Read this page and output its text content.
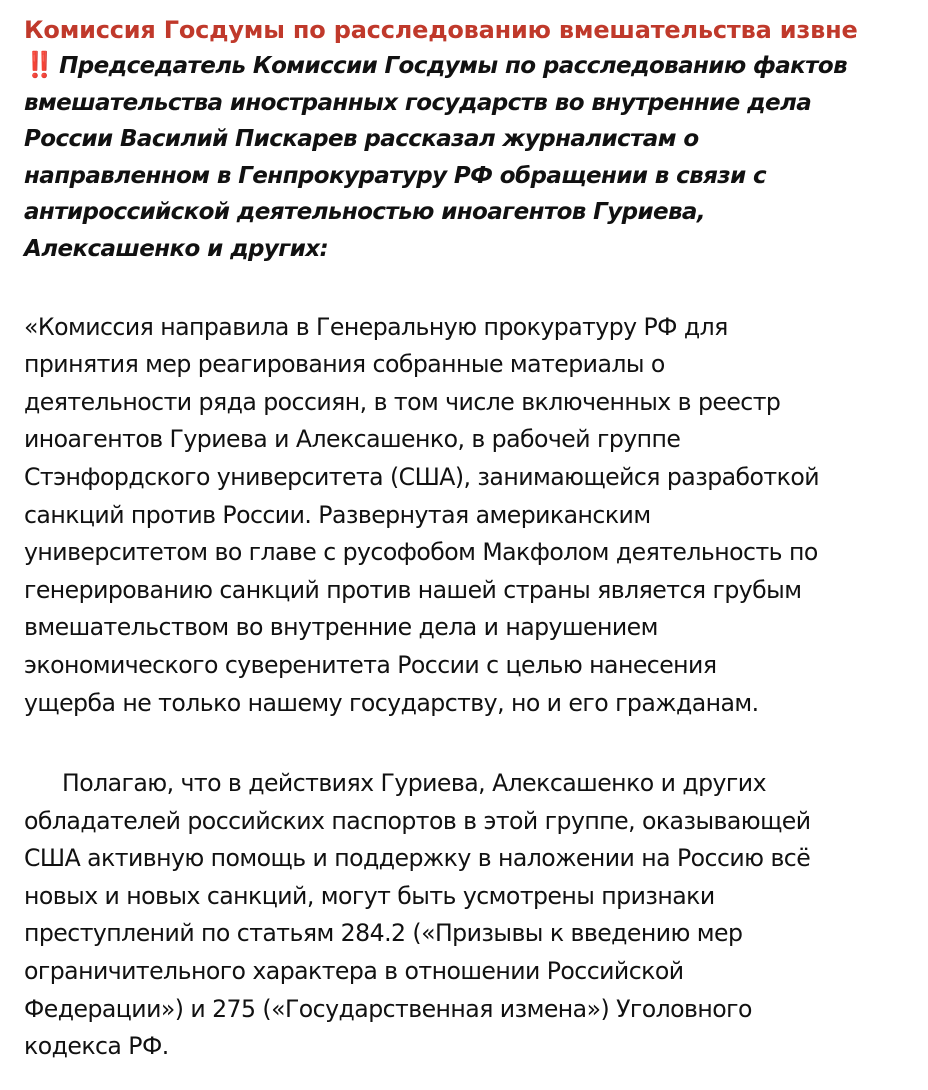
Комиссия Госдумы по расследованию вмешательства извне

‼️ Председатель Комиссии Госдумы по расследованию фактов
вмешательства иностранных государств во внутренние дела
России Василий Пискарев рассказал журналистам о
направленном в Генпрокуратуру РФ обращении в связи с
антироссийской деятельностью иноагентов Гуриева,
Алексашенко и других:

«Комиссия направила в Генеральную прокуратуру РФ для
принятия мер реагирования собранные материалы о
деятельности ряда россиян, в том числе включенных в реестр
иноагентов Гуриева и Алексашенко, в рабочей группе
Стэнфордского университета (США), занимающейся разработкой
санкций против России. Развернутая американским
университетом во главе с русофобом Макфолом деятельность по
генерированию санкций против нашей страны является грубым
вмешательством во внутренние дела и нарушением
экономического суверенитета России с целью нанесения
ущерба не только нашему государству, но и его гражданам.

Полагаю, что в действиях Гуриева, Алексашенко и других
обладателей российских паспортов в этой группе, оказывающей
США активную помощь и поддержку в наложении на Россию всё
новых и новых санкций, могут быть усмотрены признаки
преступлений по статьям 284.2 («Призывы к введению мер
ограничительного характера в отношении Российской
Федерации») и 275 («Государственная измена») Уголовного
кодекса РФ.
